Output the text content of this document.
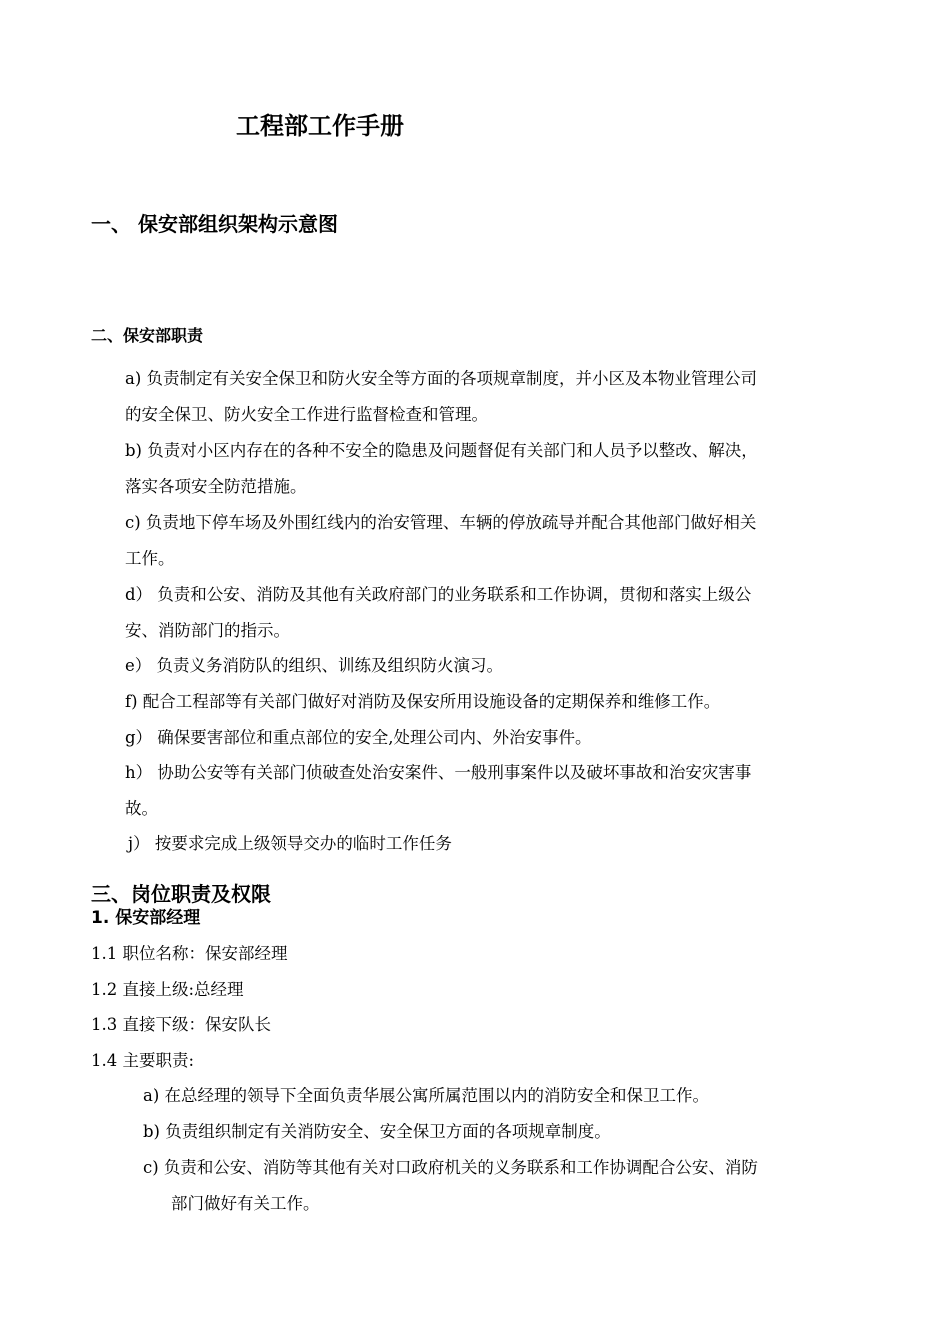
工程部工作手册
一、 保安部组织架构示意图
二、保安部职责
a) 负责制定有关安全保卫和防火安全等方面的各项规章制度，并小区及本物业管理公司
的安全保卫、防火安全工作进行监督检查和管理。
b) 负责对小区内存在的各种不安全的隐患及问题督促有关部门和人员予以整改、解决，
落实各项安全防范措施。
c) 负责地下停车场及外围红线内的治安管理、车辆的停放疏导并配合其他部门做好相关
工作。
d） 负责和公安、消防及其他有关政府部门的业务联系和工作协调，贯彻和落实上级公
安、消防部门的指示。
e） 负责义务消防队的组织、训练及组织防火演习。
f) 配合工程部等有关部门做好对消防及保安所用设施设备的定期保养和维修工作。
g） 确保要害部位和重点部位的安全,处理公司内、外治安事件。
h） 协助公安等有关部门侦破查处治安案件、一般刑事案件以及破坏事故和治安灾害事
故。
j） 按要求完成上级领导交办的临时工作任务
三、岗位职责及权限
1. 保安部经理
1.1 职位名称：保安部经理
1.2 直接上级:总经理
1.3 直接下级：保安队长
1.4 主要职责:
a) 在总经理的领导下全面负责华展公寓所属范围以内的消防安全和保卫工作。
b) 负责组织制定有关消防安全、安全保卫方面的各项规章制度。
c) 负责和公安、消防等其他有关对口政府机关的义务联系和工作协调配合公安、消防
部门做好有关工作。
